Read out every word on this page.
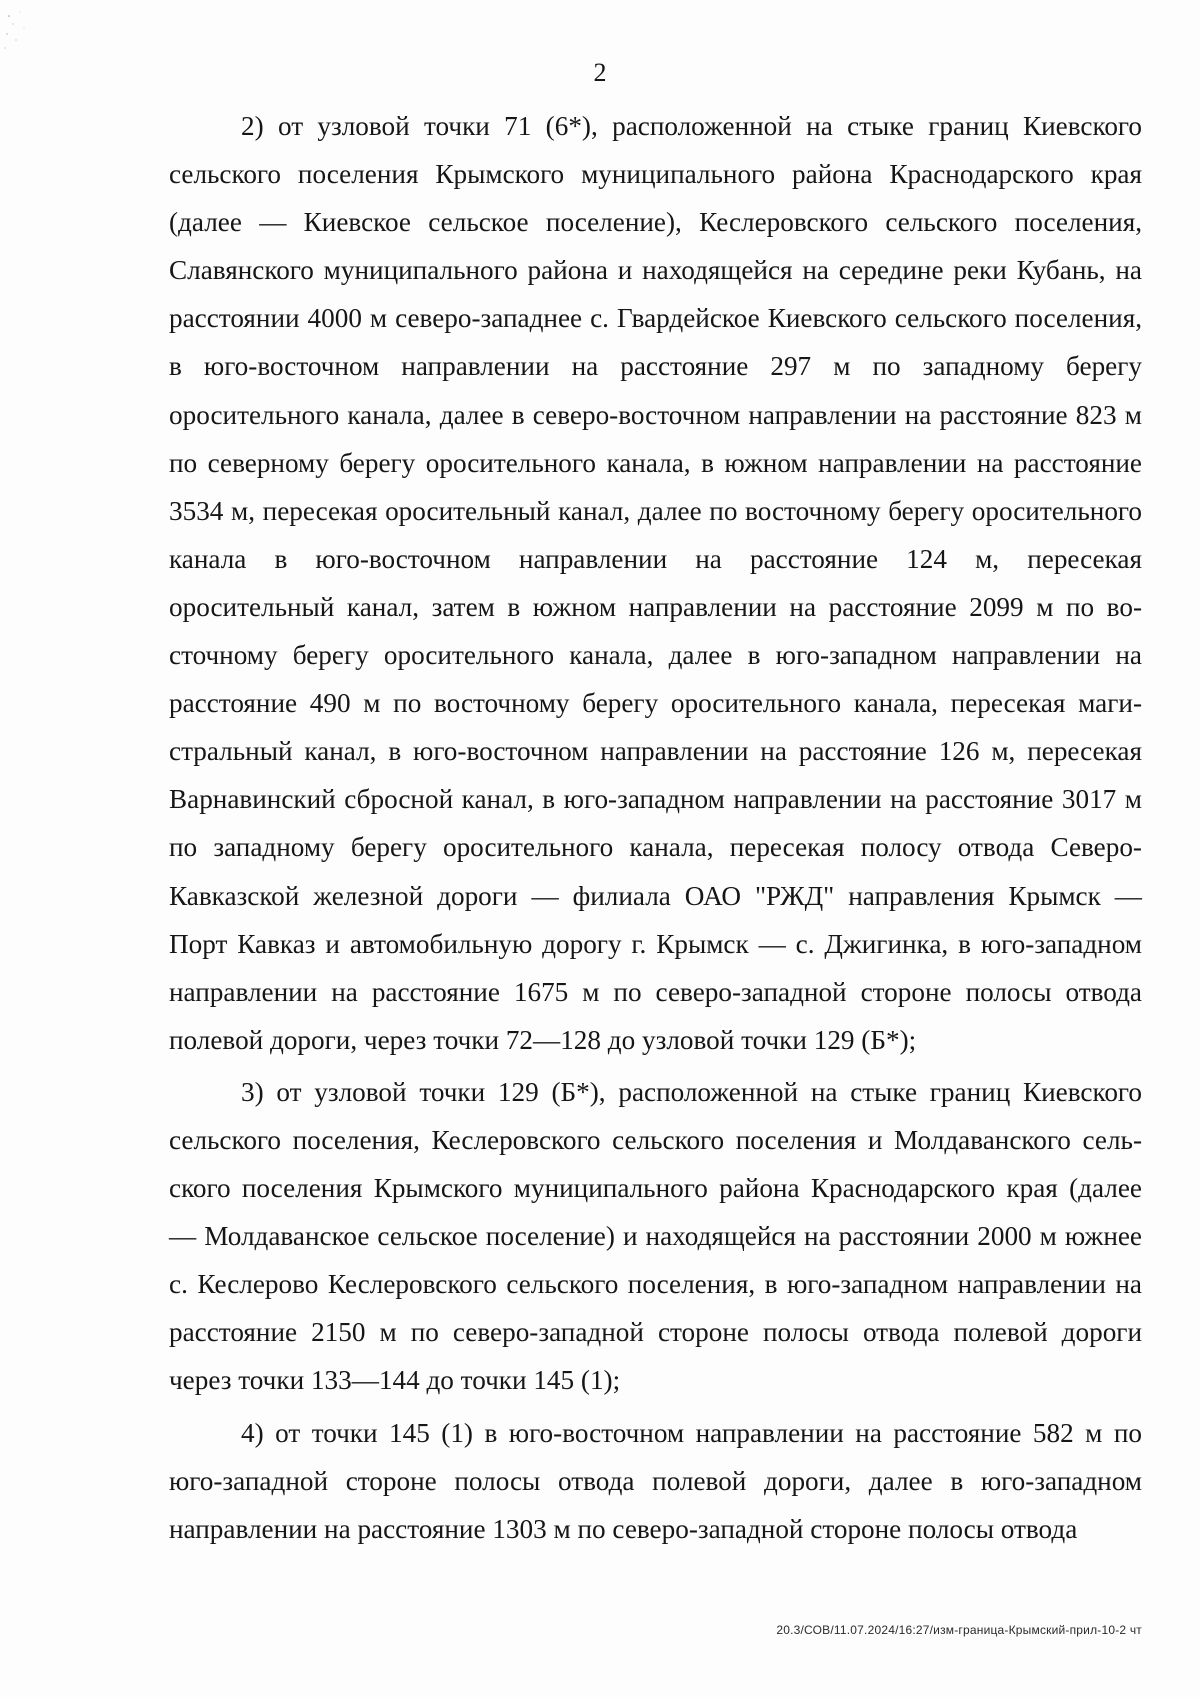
2

2) от узловой точки 71 (6*), расположенной на стыке границ Киевского сельского поселения Крымского муниципального района Краснодарского края (далее — Киевское сельское поселение), Кеслеровского сельского поселения, Славянского муниципального района и находящейся на середине реки Кубань, на расстоянии 4000 м северо-западнее с. Гвардейское Киевского сельского поселения, в юго-восточном направлении на расстояние 297 м по западному берегу оросительного канала, далее в северо-восточном направлении на расстояние 823 м по северному берегу оросительного канала, в южном направлении на расстояние 3534 м, пересекая оросительный канал, далее по восточному берегу оросительного канала в юго-восточном направлении на расстояние 124 м, пересекая оросительный канал, затем в южном направлении на расстояние 2099 м по восточному берегу оросительного канала, далее в юго-западном направлении на расстояние 490 м по восточному берегу оросительного канала, пересекая магистральный канал, в юго-восточном направлении на расстояние 126 м, пересекая Варнавинский сбросной канал, в юго-западном направлении на расстояние 3017 м по западному берегу оросительного канала, пересекая полосу отвода Северо-Кавказской железной дороги — филиала ОАО "РЖД" направления Крымск — Порт Кавказ и автомобильную дорогу г. Крымск — с. Джигинка, в юго-западном направлении на расстояние 1675 м по северо-западной стороне полосы отвода полевой дороги, через точки 72—128 до узловой точки 129 (Б*);

3) от узловой точки 129 (Б*), расположенной на стыке границ Киевского сельского поселения, Кеслеровского сельского поселения и Молдаванского сельского поселения Крымского муниципального района Краснодарского края (далее — Молдаванское сельское поселение) и находящейся на расстоянии 2000 м южнее с. Кеслерово Кеслеровского сельского поселения, в юго-западном направлении на расстояние 2150 м по северо-западной стороне полосы отвода полевой дороги через точки 133—144 до точки 145 (1);

4) от точки 145 (1) в юго-восточном направлении на расстояние 582 м по юго-западной стороне полосы отвода полевой дороги, далее в юго-западном направлении на расстояние 1303 м по северо-западной стороне полосы отвода

20.3/СОВ/11.07.2024/16:27/изм-граница-Крымский-прил-10-2 чт
